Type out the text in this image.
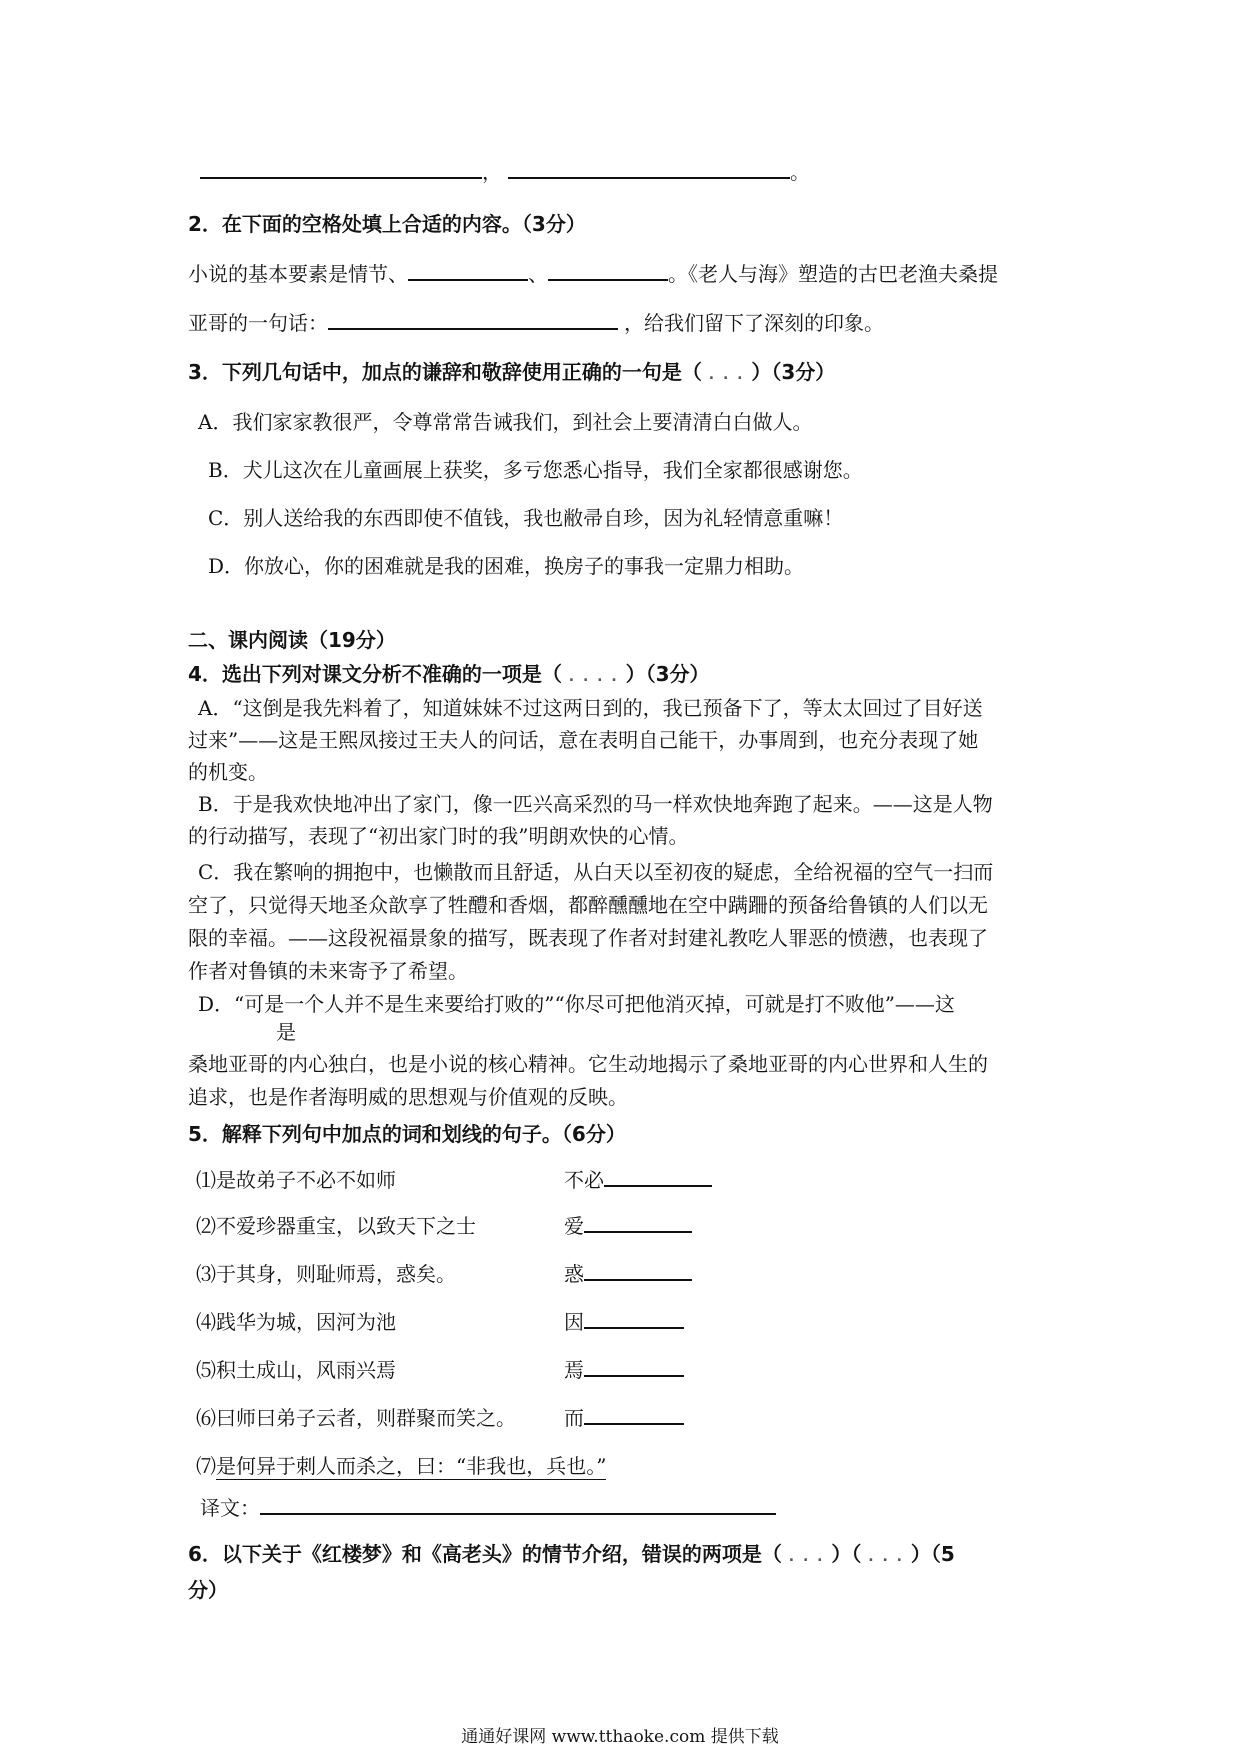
，	。
2．在下面的空格处填上合适的内容。（3分）
小说的基本要素是情节、	、	。《老人与海》塑造的古巴老渔夫桑提
亚哥的一句话：	，给我们留下了深刻的印象。
3．下列几句话中，加点的谦辞和敬辞使用正确的一句是（ . . . ）（3分）
A．我们家家教很严，令尊常常告诫我们，到社会上要清清白白做人。
B．犬儿这次在儿童画展上获奖，多亏您悉心指导，我们全家都很感谢您。
C．别人送给我的东西即使不值钱，我也敝帚自珍，因为礼轻情意重嘛！
D．你放心，你的困难就是我的困难，换房子的事我一定鼎力相助。
二、课内阅读（19分）
4．选出下列对课文分析不准确的一项是（ . . . . ）（3分）
A．“这倒是我先料着了，知道妹妹不过这两日到的，我已预备下了，等太太回过了目好送
过来”——这是王熙凤接过王夫人的问话，意在表明自己能干，办事周到，也充分表现了她
的机变。
B．于是我欢快地冲出了家门，像一匹兴高采烈的马一样欢快地奔跑了起来。——这是人物
的行动描写，表现了“初出家门时的我”明朗欢快的心情。
C．我在繁响的拥抱中，也懒散而且舒适，从白天以至初夜的疑虑，全给祝福的空气一扫而
空了，只觉得天地圣众歆享了牲醴和香烟，都醉醺醺地在空中蹒跚的预备给鲁镇的人们以无
限的幸福。——这段祝福景象的描写，既表现了作者对封建礼教吃人罪恶的愤懑，也表现了
作者对鲁镇的未来寄予了希望。
D．“可是一个人并不是生来要给打败的”“你尽可把他消灭掉，可就是打不败他”——这
是
桑地亚哥的内心独白，也是小说的核心精神。它生动地揭示了桑地亚哥的内心世界和人生的
追求，也是作者海明威的思想观与价值观的反映。
5．解释下列句中加点的词和划线的句子。（6分）
⑴是故弟子不必不如师	不必
⑵不爱珍器重宝，以致天下之士	爱
⑶于其身，则耻师焉，惑矣。	惑
⑷践华为城，因河为池	因
⑸积土成山，风雨兴焉	焉
⑹曰师曰弟子云者，则群聚而笑之。 而
⑺是何异于刺人而杀之，曰：“非我也，兵也。”
译文：
6．以下关于《红楼梦》和《高老头》的情节介绍，错误的两项是（ . . . ）（ . . . ）（5
分）
通通好课网 www.tthaoke.com 提供下载
